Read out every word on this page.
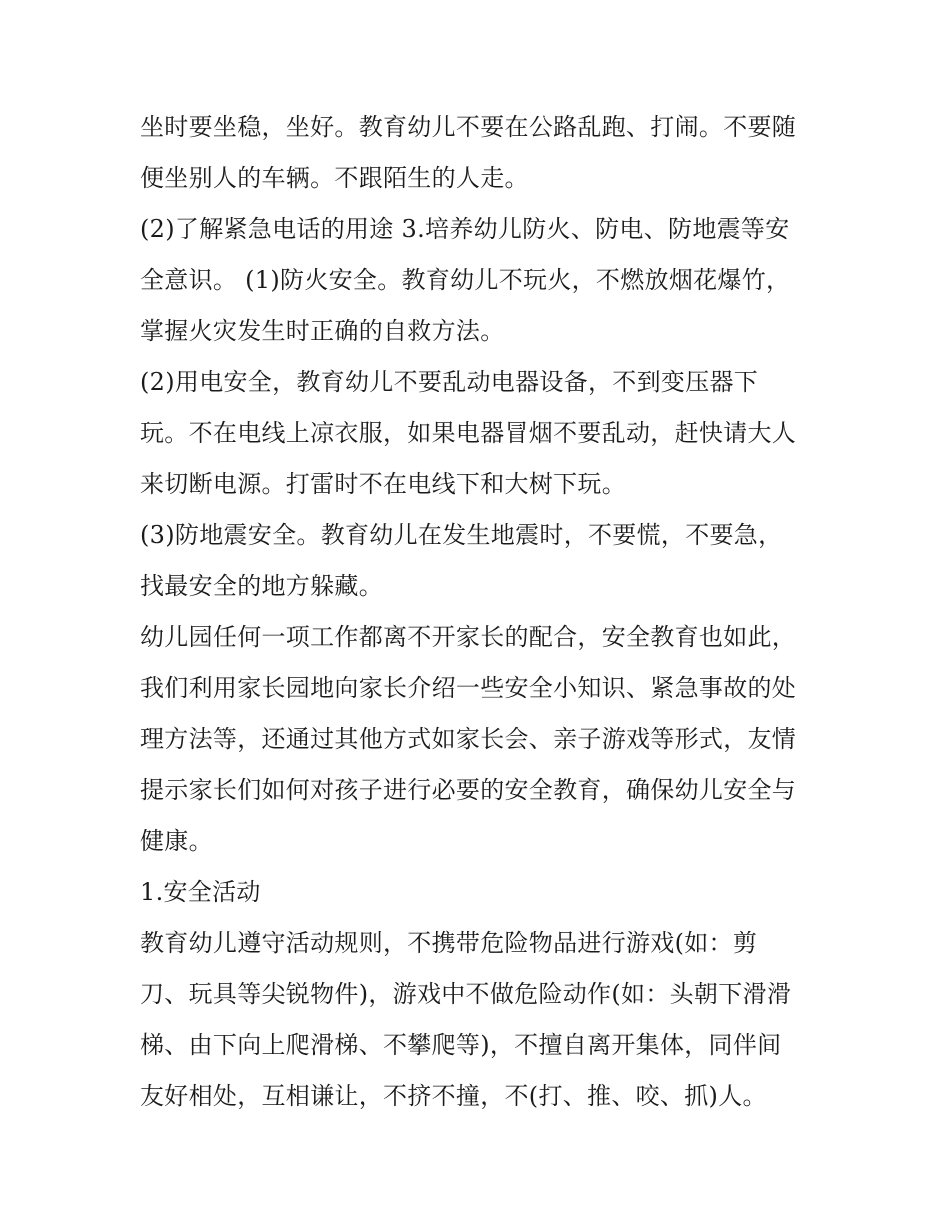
坐时要坐稳，坐好。教育幼儿不要在公路乱跑、打闹。不要随
便坐别人的车辆。不跟陌生的人走。
(2)了解紧急电话的用途 3.培养幼儿防火、防电、防地震等安
全意识。 (1)防火安全。教育幼儿不玩火，不燃放烟花爆竹，
掌握火灾发生时正确的自救方法。
(2)用电安全，教育幼儿不要乱动电器设备，不到变压器下
玩。不在电线上凉衣服，如果电器冒烟不要乱动，赶快请大人
来切断电源。打雷时不在电线下和大树下玩。
(3)防地震安全。教育幼儿在发生地震时，不要慌，不要急，
找最安全的地方躲藏。
幼儿园任何一项工作都离不开家长的配合，安全教育也如此，
我们利用家长园地向家长介绍一些安全小知识、紧急事故的处
理方法等，还通过其他方式如家长会、亲子游戏等形式，友情
提示家长们如何对孩子进行必要的安全教育，确保幼儿安全与
健康。
1.安全活动
教育幼儿遵守活动规则，不携带危险物品进行游戏(如：剪
刀、玩具等尖锐物件)，游戏中不做危险动作(如：头朝下滑滑
梯、由下向上爬滑梯、不攀爬等)，不擅自离开集体，同伴间
友好相处，互相谦让，不挤不撞，不(打、推、咬、抓)人。
